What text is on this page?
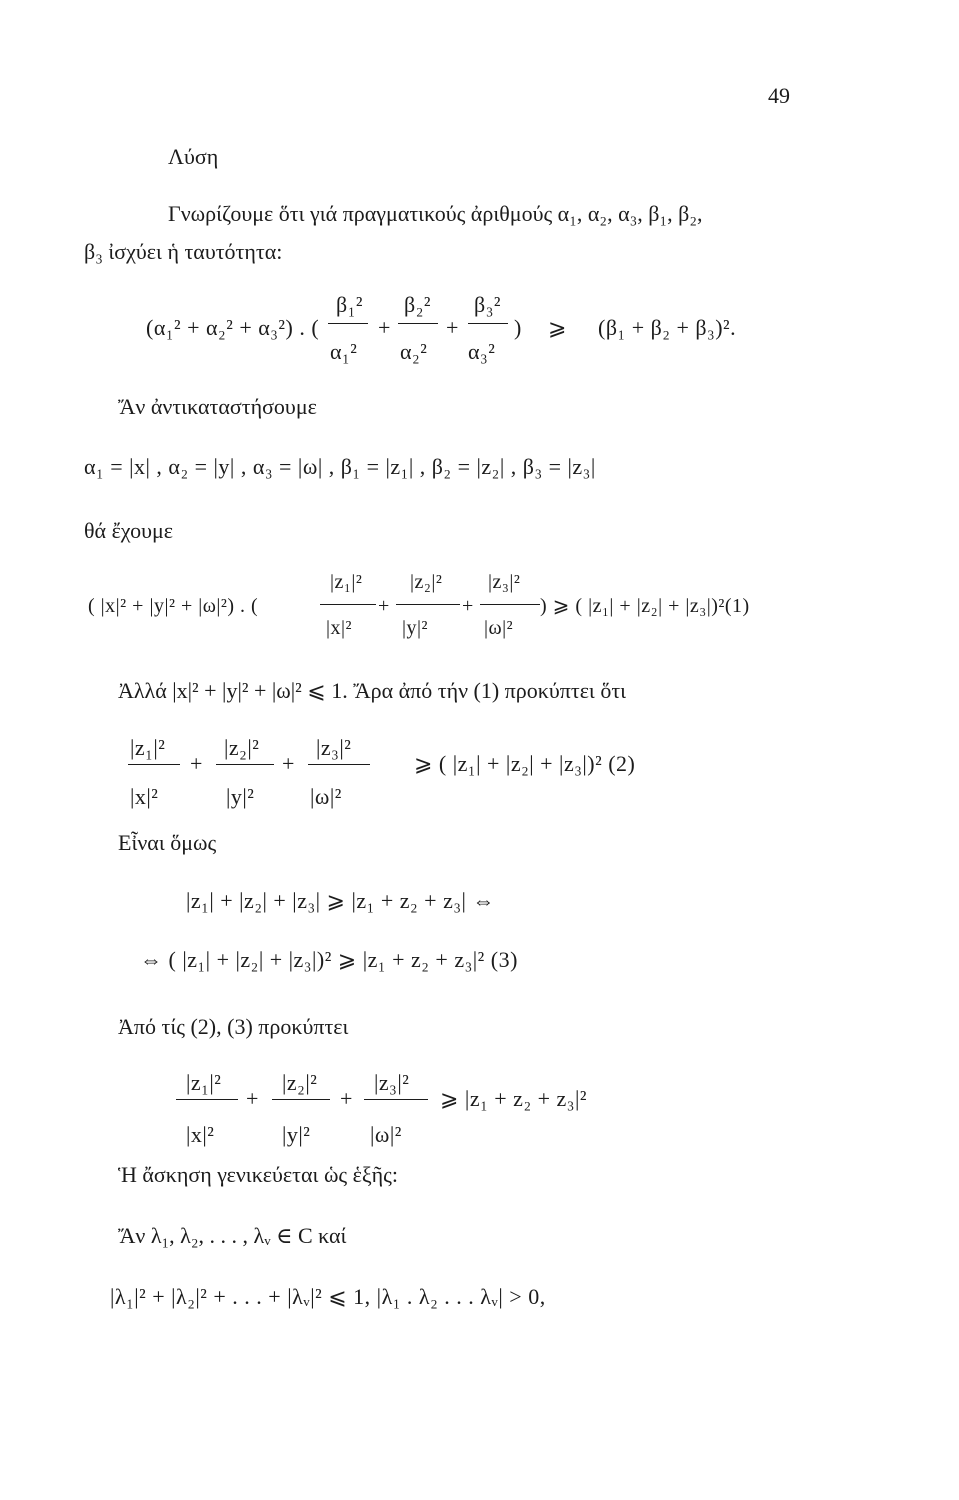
49
Λύση
Γνωρίζουμε ὅτι γιά πραγματικούς ἀριθμούς α₁, α₂, α₃, β₁, β₂,
β₃ ἰσχύει ἡ ταυτότητα:
(α₁² + α₂² + α₃²) . (
β₁²
α₁²
+
β₂²
α₂²
+
β₃²
α₃²
) ⩾ (β₁ + β₂ + β₃)².
Ἄν ἀντικαταστήσουμε
α₁ = |x| , α₂ = |y| , α₃ = |ω| , β₁ = |z₁| , β₂ = |z₂| , β₃ = |z₃|
θά ἔχουμε
( |x|² + |y|² + |ω|²) . (
|z₁|²
|x|²
+
|z₂|²
|y|²
+
|z₃|²
|ω|²
) ⩾ ( |z₁| + |z₂| + |z₃|)²(1)
Ἀλλά |x|² + |y|² + |ω|² ⩽ 1. Ἄρα ἀπό τήν (1) προκύπτει ὅτι
|z₁|²
|x|²
+
|z₂|²
|y|²
+
|z₃|²
|ω|²
⩾ ( |z₁| + |z₂| + |z₃|)² (2)
Εἶναι ὅμως
|z₁| + |z₂| + |z₃| ⩾ |z₁ + z₂ + z₃| ⇔
⇔ ( |z₁| + |z₂| + |z₃|)² ⩾ |z₁ + z₂ + z₃|² (3)
Ἀπό τίς (2), (3) προκύπτει
|z₁|²
|x|²
+
|z₂|²
|y|²
+
|z₃|²
|ω|²
⩾ |z₁ + z₂ + z₃|²
Ἡ ἄσκηση γενικεύεται ὡς ἑξῆς:
Ἄν λ₁, λ₂, . . . , λᵥ ∈ C καί
|λ₁|² + |λ₂|² + . . . + |λᵥ|² ⩽ 1, |λ₁ . λ₂ . . . λᵥ| > 0,
